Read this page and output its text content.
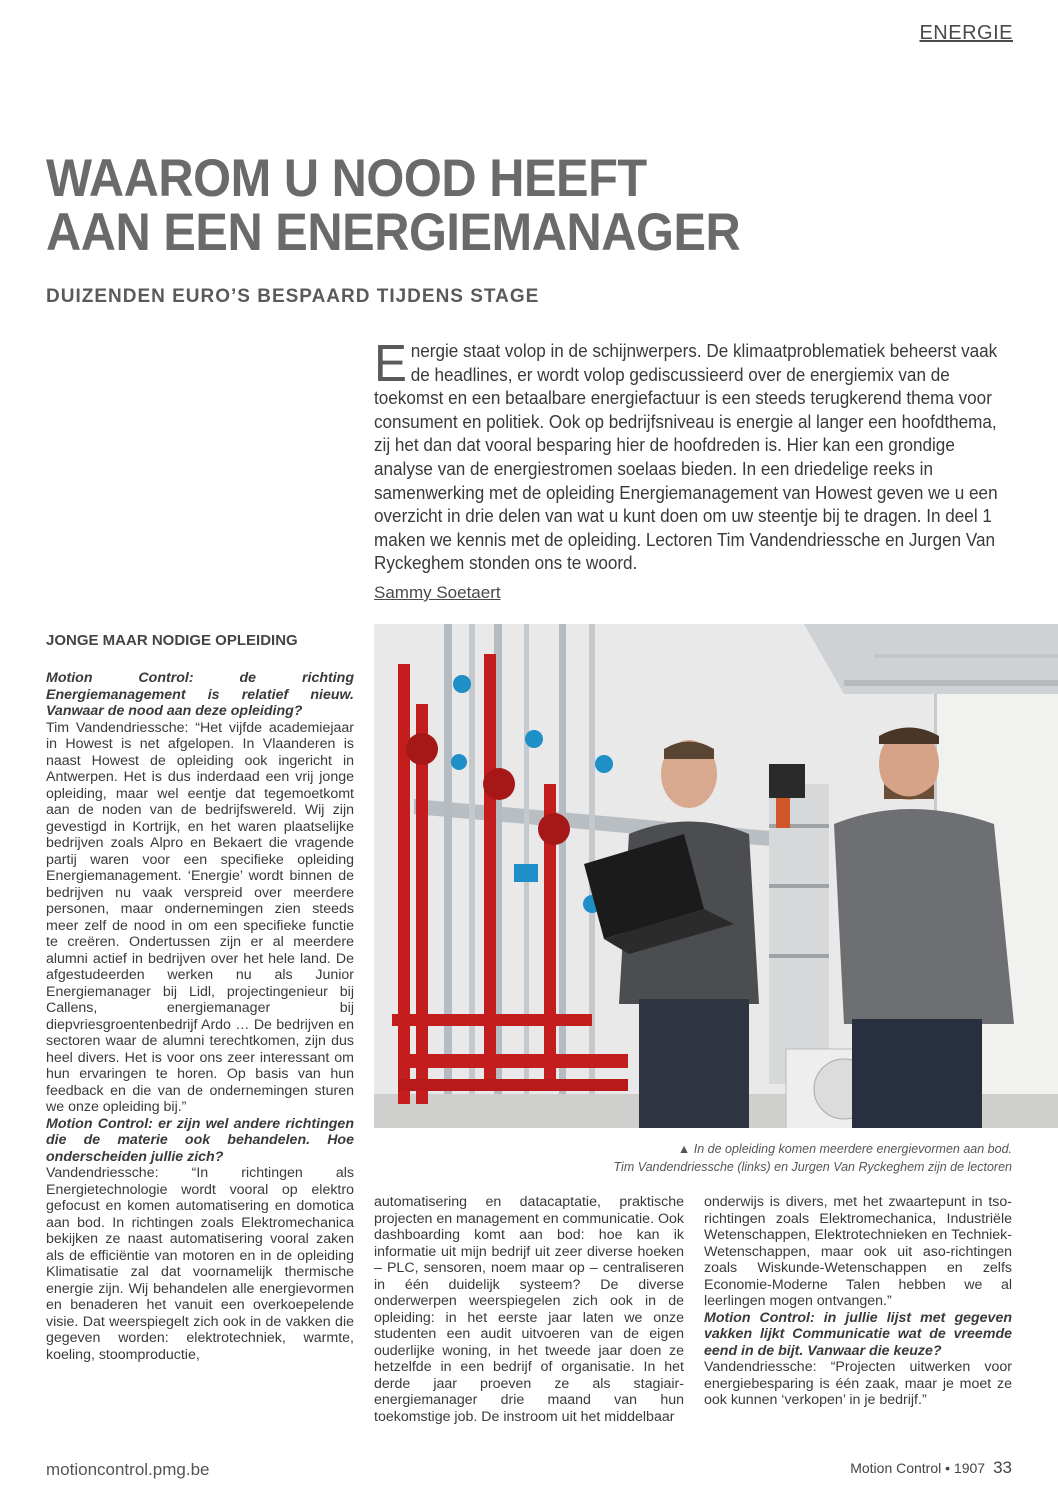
ENERGIE
WAAROM U NOOD HEEFT AAN EEN ENERGIEMANAGER
DUIZENDEN EURO’S BESPAARD TIJDENS STAGE

Energie staat volop in de schijnwerpers. De klimaatproblematiek beheerst vaak de headlines, er wordt volop gediscussieerd over de energiemix van de toekomst en een betaalbare energiefactuur is een steeds terugkerend thema voor consument en politiek. Ook op bedrijfsniveau is energie al langer een hoofdthema, zij het dan dat vooral besparing hier de hoofdreden is. Hier kan een grondige analyse van de energiestromen soelaas bieden. In een driedelige reeks in samenwerking met de opleiding Energiemanagement van Howest geven we u een overzicht in drie delen van wat u kunt doen om uw steentje bij te dragen. In deel 1 maken we kennis met de opleiding. Lectoren Tim Vandendriessche en Jurgen Van Ryckeghem stonden ons te woord.

Sammy Soetaert
▲ In de opleiding komen meerdere energievormen aan bod.
Tim Vandendriessche (links) en Jurgen Van Ryckeghem zijn de lectoren
JONGE MAAR NODIGE OPLEIDING

Motion Control: de richting Energiemanagement is relatief nieuw. Vanwaar de nood aan deze opleiding?

Tim Vandendriessche: “Het vijfde academiejaar in Howest is net afgelopen. In Vlaanderen is naast Howest de opleiding ook ingericht in Antwerpen. Het is dus inderdaad een vrij jonge opleiding, maar wel eentje dat tegemoetkomt aan de noden van de bedrijfswereld. Wij zijn gevestigd in Kortrijk, en het waren plaatselijke bedrijven zoals Alpro en Bekaert die vragende partij waren voor een specifieke opleiding Energiemanagement. ‘Energie’ wordt binnen de bedrijven nu vaak verspreid over meerdere personen, maar ondernemingen zien steeds meer zelf de nood in om een specifieke functie te creëren. Ondertussen zijn er al meerdere alumni actief in bedrijven over het hele land. De afgestudeerden werken nu als Junior Energiemanager bij Lidl, projectingenieur bij Callens, energiemanager bij diepvriesgroentenbedrijf Ardo … De bedrijven en sectoren waar de alumni terechtkomen, zijn dus heel divers. Het is voor ons zeer interessant om hun ervaringen te horen. Op basis van hun feedback en die van de ondernemingen sturen we onze opleiding bij.”

Motion Control: er zijn wel andere richtingen die de materie ook behandelen. Hoe onderscheiden jullie zich?

Vandendriessche: “In richtingen als Energietechnologie wordt vooral op elektro gefocust en komen automatisering en domotica aan bod. In richtingen zoals Elektromechanica bekijken ze naast automatisering vooral zaken als de efficiëntie van motoren en in de opleiding Klimatisatie zal dat voornamelijk thermische energie zijn. Wij behandelen alle energievormen en benaderen het vanuit een overkoepelende visie. Dat weerspiegelt zich ook in de vakken die gegeven worden: elektrotechniek, warmte, koeling, stoomproductie,

automatisering en datacaptatie, praktische projecten en management en communicatie. Ook dashboarding komt aan bod: hoe kan ik informatie uit mijn bedrijf uit zeer diverse hoeken – PLC, sensoren, noem maar op – centraliseren in één duidelijk systeem? De diverse onderwerpen weerspiegelen zich ook in de opleiding: in het eerste jaar laten we onze studenten een audit uitvoeren van de eigen ouderlijke woning, in het tweede jaar doen ze hetzelfde in een bedrijf of organisatie. In het derde jaar proeven ze als stagiair-energiemanager drie maand van hun toekomstige job. De instroom uit het middelbaar

onderwijs is divers, met het zwaartepunt in tso-richtingen zoals Elektromechanica, Industriële Wetenschappen, Elektrotechnieken en Techniek-Wetenschappen, maar ook uit aso-richtingen zoals Wiskunde-Wetenschappen en zelfs Economie-Moderne Talen hebben we al leerlingen mogen ontvangen.”

Motion Control: in jullie lijst met gegeven vakken lijkt Communicatie wat de vreemde eend in de bijt. Vanwaar die keuze?

Vandendriessche: “Projecten uitwerken voor energiebesparing is één zaak, maar je moet ze ook kunnen ‘verkopen’ in je bedrijf.”

motioncontrol.pmg.be	Motion Control • 1907 33
